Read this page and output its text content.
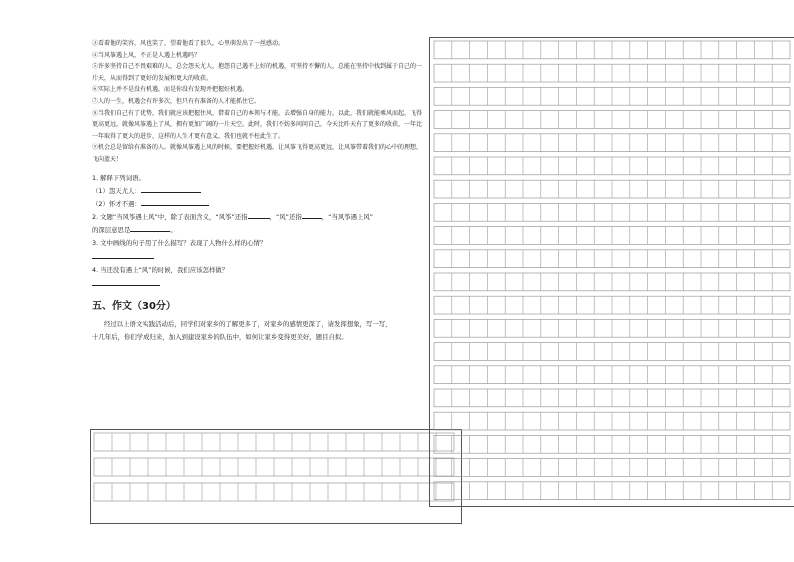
③看着他的笑容，风也笑了，望着他看了很久，心里萌发出了一丝感动。

④当风筝遇上风，不正是人遇上机遇吗？

⑤许多坚持自己不畏艰难的人，总会怨天尤人，抱怨自己遇不上好的机遇，可坚持不懈的人，总能在坚持中找到属于自己的一片天，从而得到了更好的发展和更大的收获。

⑥实际上并不是没有机遇，而是你没有发现并把握好机遇。

⑦人的一生，机遇会有许多次，但只有有准备的人才能抓住它。

⑧当我们自己有了优势，我们就应该把握住风，借着自己的本领与才能，去增强自身的能力。以此，我们就能乘风而起，飞得更高更远，就像风筝遇上了风，拥有更加广阔的一片天空。此时，我们不妨多问问自己，今天比昨天有了更多的收获，一年比一年取得了更大的进步，这样的人生才更有意义，我们也就不枉此生了。

⑨机会总是留给有准备的人。就像风筝遇上风的时候，要把握好机遇，让风筝飞得更高更远，让风筝带着我们的心中的理想，飞向蓝天！

1. 解释下列词语。

（1）怨天尤人：

（2）怀才不遇：

2. 文题“当风筝遇上风”中，除了表面含义，“风筝”还指	，“风”还指	，“当风筝遇上风”

的深层意思是	。

3. 文中画线的句子用了什么描写？表现了人物什么样的心情？

4. 当还没有遇上“风”的时候，我们应该怎样做？

五、作文（30分）

经过以上语文实践活动后，同学们对家乡的了解更多了，对家乡的感情更深了，请发挥想象，写一写，

十几年后，你们学成归来，加入到建设家乡的队伍中，如何让家乡变得更美好，题目自拟。
